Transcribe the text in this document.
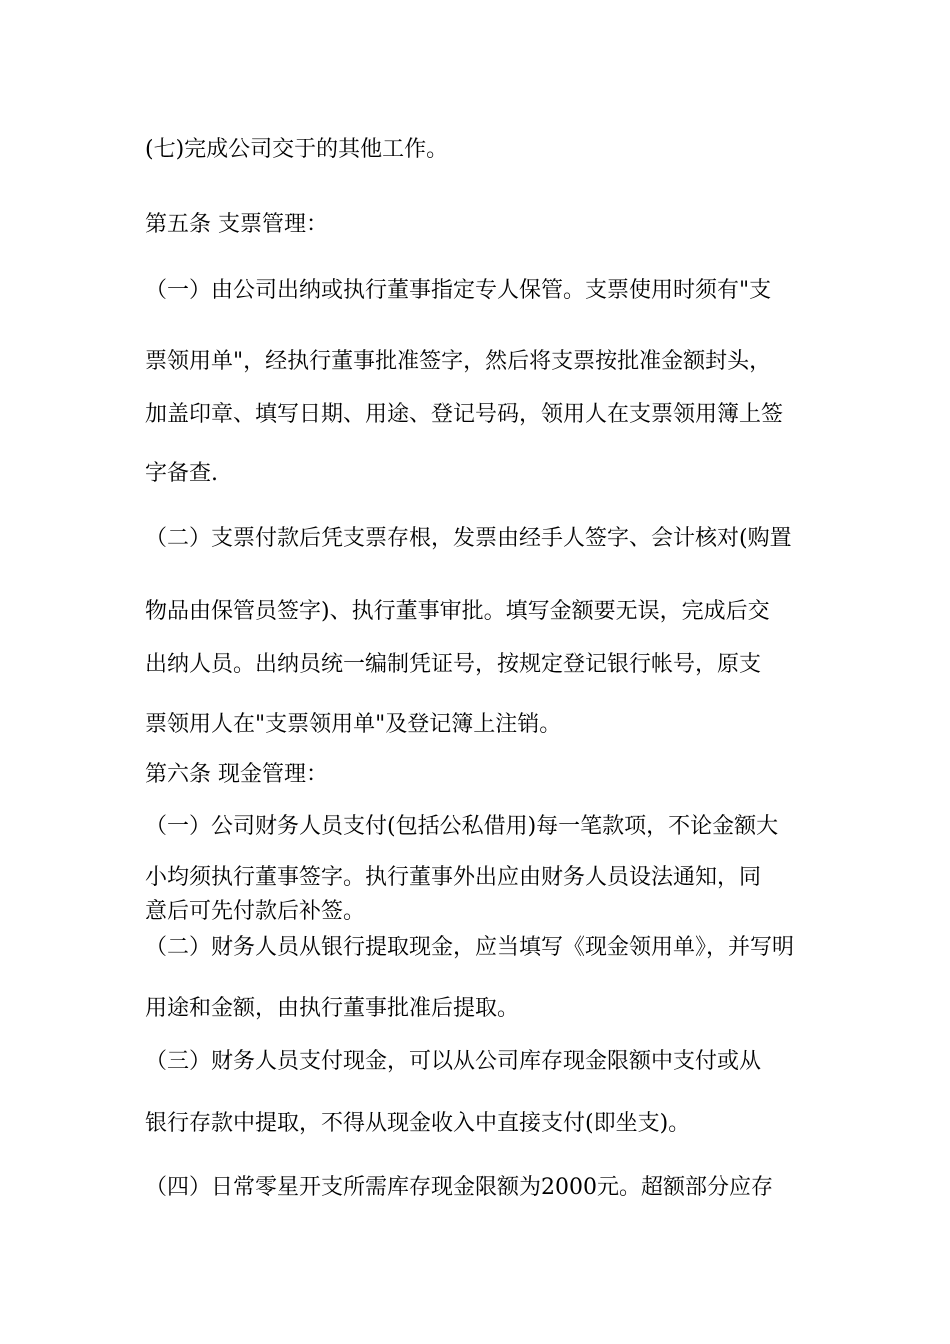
(七)完成公司交于的其他工作。
第五条 支票管理：
（一）由公司出纳或执行董事指定专人保管。支票使用时须有"支
票领用单"，经执行董事批准签字，然后将支票按批准金额封头，
加盖印章、填写日期、用途、登记号码，领用人在支票领用簿上签
字备查.
（二）支票付款后凭支票存根，发票由经手人签字、会计核对(购置
物品由保管员签字)、执行董事审批。填写金额要无误，完成后交
出纳人员。出纳员统一编制凭证号，按规定登记银行帐号，原支
票领用人在"支票领用单"及登记簿上注销。
第六条 现金管理：
（一）公司财务人员支付(包括公私借用)每一笔款项，不论金额大
小均须执行董事签字。执行董事外出应由财务人员设法通知，同
意后可先付款后补签。
（二）财务人员从银行提取现金，应当填写《现金领用单》，并写明
用途和金额，由执行董事批准后提取。
（三）财务人员支付现金，可以从公司库存现金限额中支付或从
银行存款中提取，不得从现金收入中直接支付(即坐支)。
（四）日常零星开支所需库存现金限额为2000元。超额部分应存
